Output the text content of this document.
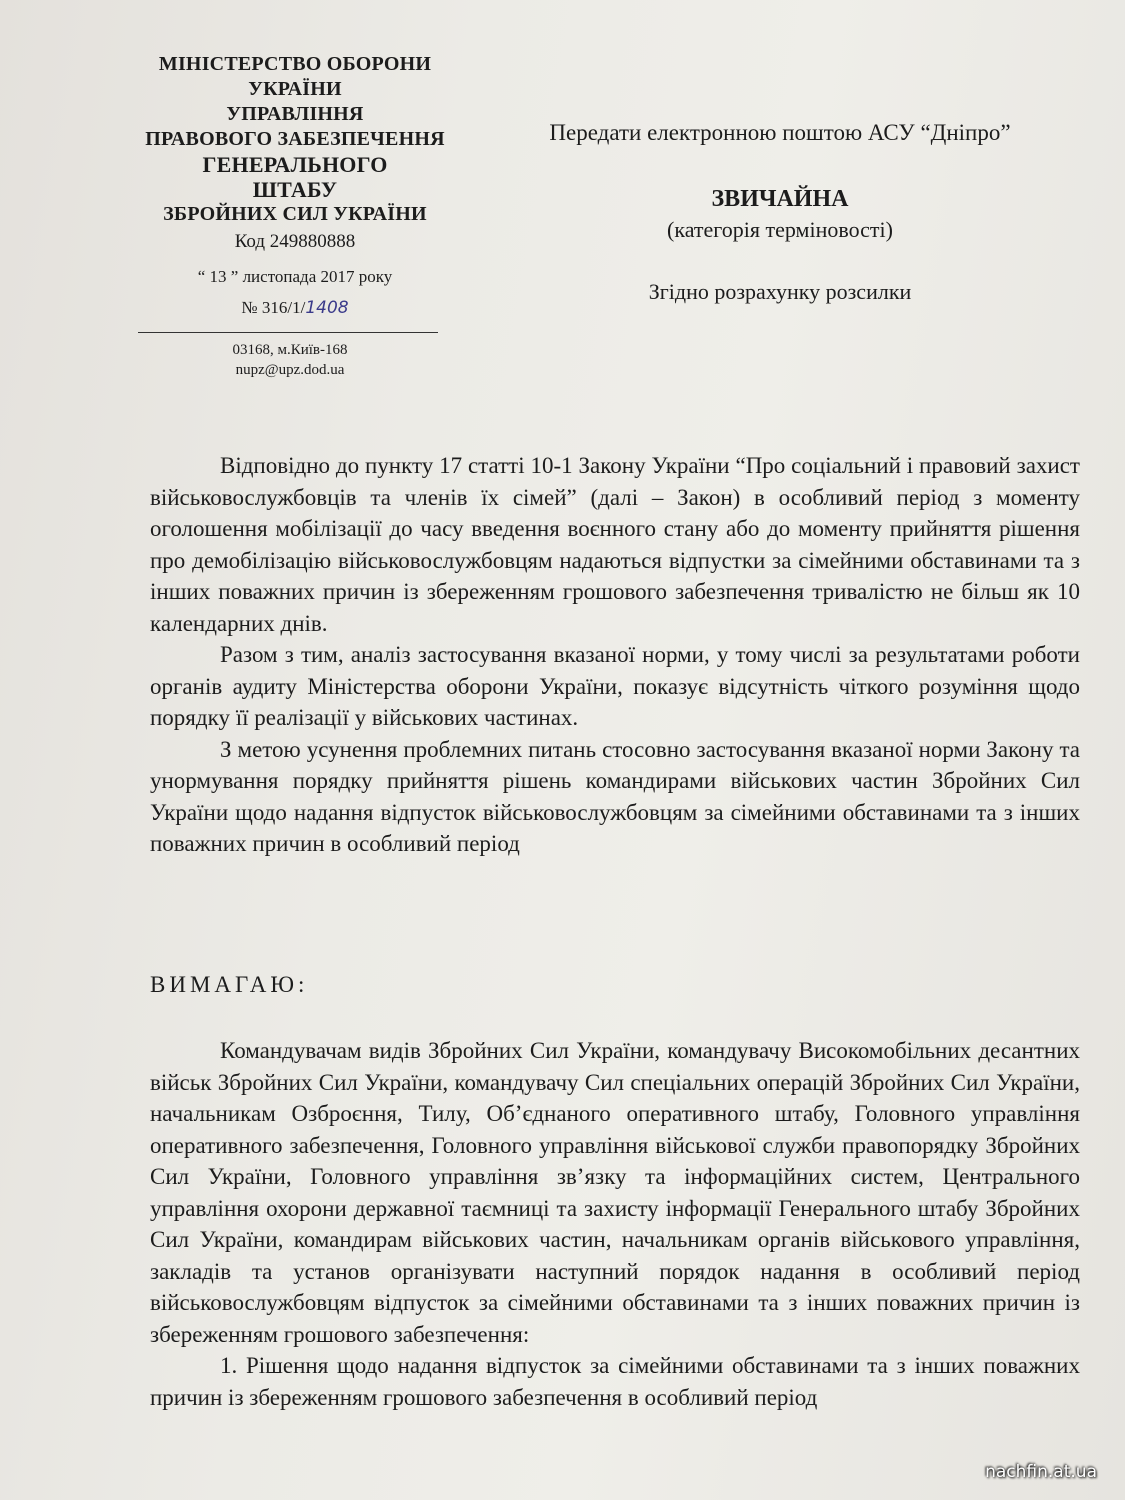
МІНІСТЕРСТВО ОБОРОНИ
УКРАЇНИ
УПРАВЛІННЯ
ПРАВОВОГО ЗАБЕЗПЕЧЕННЯ
ГЕНЕРАЛЬНОГО
ШТАБУ
ЗБРОЙНИХ СИЛ УКРАЇНИ
Код 249880888
“ 13 ” листопада 2017 року
№ 316/1/1408
03168, м.Київ-168
nupz@upz.dod.ua
Передати електронною поштою АСУ “Дніпро”
ЗВИЧАЙНА
(категорія терміновості)
Згідно розрахунку розсилки

Відповідно до пункту 17 статті 10-1 Закону України “Про соціальний і правовий захист військовослужбовців та членів їх сімей” (далі – Закон) в особливий період з моменту оголошення мобілізації до часу введення воєнного стану або до моменту прийняття рішення про демобілізацію військовослужбовцям надаються відпустки за сімейними обставинами та з інших поважних причин із збереженням грошового забезпечення тривалістю не більш як 10 календарних днів.

Разом з тим, аналіз застосування вказаної норми, у тому числі за результатами роботи органів аудиту Міністерства оборони України, показує відсутність чіткого розуміння щодо порядку її реалізації у військових частинах.

З метою усунення проблемних питань стосовно застосування вказаної норми Закону та унормування порядку прийняття рішень командирами військових частин Збройних Сил України щодо надання відпусток військовослужбовцям за сімейними обставинами та з інших поважних причин в особливий період

ВИМАГАЮ:

Командувачам видів Збройних Сил України, командувачу Високомобільних десантних військ Збройних Сил України, командувачу Сил спеціальних операцій Збройних Сил України, начальникам Озброєння, Тилу, Об’єднаного оперативного штабу, Головного управління оперативного забезпечення, Головного управління військової служби правопорядку Збройних Сил України, Головного управління зв’язку та інформаційних систем, Центрального управління охорони державної таємниці та захисту інформації Генерального штабу Збройних Сил України, командирам військових частин, начальникам органів військового управління, закладів та установ організувати наступний порядок надання в особливий період військовослужбовцям відпусток за сімейними обставинами та з інших поважних причин із збереженням грошового забезпечення:

1. Рішення щодо надання відпусток за сімейними обставинами та з інших поважних причин із збереженням грошового забезпечення в особливий період

nachfin.at.ua
